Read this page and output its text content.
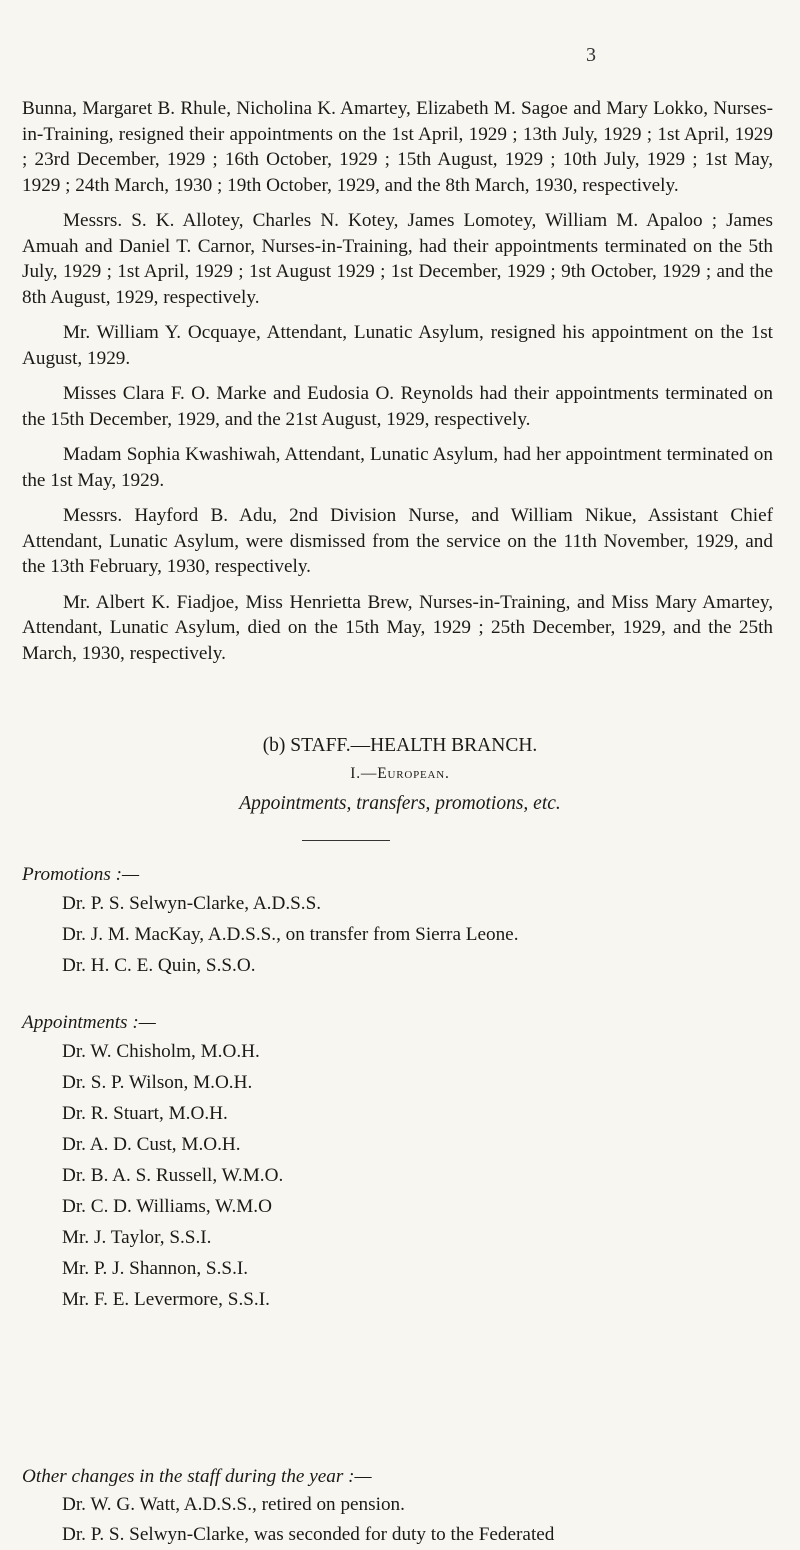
3

Bunna, Margaret B. Rhule, Nicholina K. Amartey, Elizabeth M. Sagoe and Mary Lokko, Nurses-in-Training, resigned their appointments on the 1st April, 1929 ; 13th July, 1929 ; 1st April, 1929 ; 23rd December, 1929 ; 16th October, 1929 ; 15th August, 1929 ; 10th July, 1929 ; 1st May, 1929 ; 24th March, 1930 ; 19th October, 1929, and the 8th March, 1930, respectively.

Messrs. S. K. Allotey, Charles N. Kotey, James Lomotey, William M. Apaloo ; James Amuah and Daniel T. Carnor, Nurses-in-Training, had their appointments terminated on the 5th July, 1929 ; 1st April, 1929 ; 1st August 1929 ; 1st December, 1929 ; 9th October, 1929 ; and the 8th August, 1929, respectively.

Mr. William Y. Ocquaye, Attendant, Lunatic Asylum, resigned his appointment on the 1st August, 1929.

Misses Clara F. O. Marke and Eudosia O. Reynolds had their appointments terminated on the 15th December, 1929, and the 21st August, 1929, respectively.

Madam Sophia Kwashiwah, Attendant, Lunatic Asylum, had her appointment terminated on the 1st May, 1929.

Messrs. Hayford B. Adu, 2nd Division Nurse, and William Nikue, Assistant Chief Attendant, Lunatic Asylum, were dismissed from the service on the 11th November, 1929, and the 13th February, 1930, respectively.

Mr. Albert K. Fiadjoe, Miss Henrietta Brew, Nurses-in-Training, and Miss Mary Amartey, Attendant, Lunatic Asylum, died on the 15th May, 1929 ; 25th December, 1929, and the 25th March, 1930, respectively.

(b) STAFF.—HEALTH BRANCH.
I.—European.
Appointments, transfers, promotions, etc.

Promotions :—

Dr. P. S. Selwyn-Clarke, A.D.S.S.

Dr. J. M. MacKay, A.D.S.S., on transfer from Sierra Leone.

Dr. H. C. E. Quin, S.S.O.

Appointments :—

Dr. W. Chisholm, M.O.H.

Dr. S. P. Wilson, M.O.H.

Dr. R. Stuart, M.O.H.

Dr. A. D. Cust, M.O.H.

Dr. B. A. S. Russell, W.M.O.

Dr. C. D. Williams, W.M.O

Mr. J. Taylor, S.S.I.

Mr. P. J. Shannon, S.S.I.

Mr. F. E. Levermore, S.S.I.

Other changes in the staff during the year :—

Dr. W. G. Watt, A.D.S.S., retired on pension.

Dr. P. S. Selwyn-Clarke, was seconded for duty to the Federated
